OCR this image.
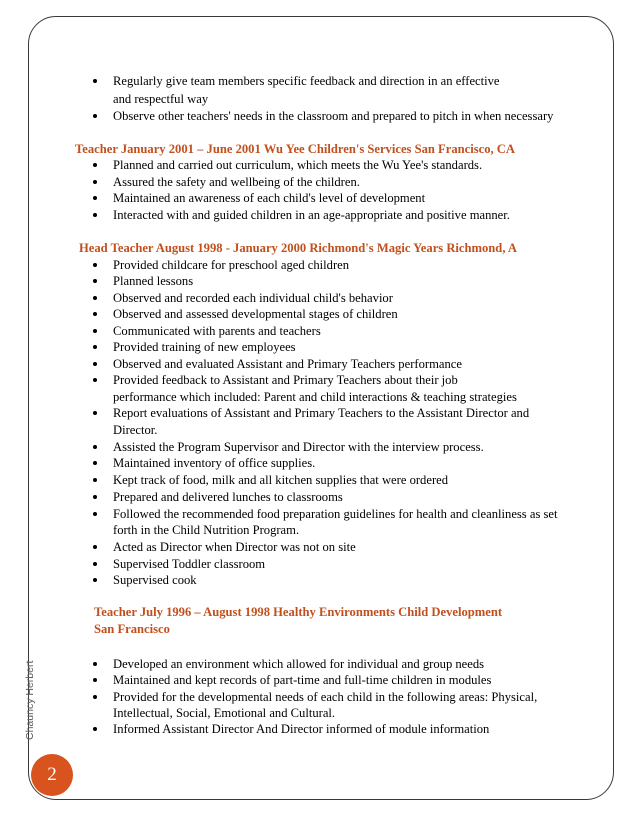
Regularly give team members specific feedback and direction in an effective
and respectful way
Observe other teachers' needs in the classroom and prepared to pitch in when necessary
Teacher January 2001 – June 2001 Wu Yee Children's Services San Francisco, CA
Planned and carried out curriculum, which meets the Wu Yee's standards.
Assured the safety and wellbeing of the children.
Maintained an awareness of each child's level of development
Interacted with and guided children in an age-appropriate and positive manner.
Head Teacher August 1998 - January 2000 Richmond's Magic Years Richmond, A
Provided childcare for preschool aged children
Planned lessons
Observed and recorded each individual child's behavior
Observed and assessed developmental stages of children
Communicated with parents and teachers
Provided training of new employees
Observed and evaluated Assistant and Primary Teachers performance
Provided feedback to Assistant and Primary Teachers about their job
performance which included: Parent and child interactions & teaching strategies
Report evaluations of Assistant and Primary Teachers to the Assistant Director and
Director.
Assisted the Program Supervisor and Director with the interview process.
Maintained inventory of office supplies.
Kept track of food, milk and all kitchen supplies that were ordered
Prepared and delivered lunches to classrooms
Followed the recommended food preparation guidelines for health and cleanliness as set
forth in the Child Nutrition Program.
Acted as Director when Director was not on site
Supervised Toddler classroom
Supervised cook
Teacher July 1996 – August 1998 Healthy Environments Child Development
San Francisco
Developed an environment which allowed for individual and group needs
Maintained and kept records of part-time and full-time children in modules
Provided for the developmental needs of each child in the following areas: Physical,
Intellectual, Social, Emotional and Cultural.
Informed Assistant Director And Director informed of module information
Chauncy Herbert
2
